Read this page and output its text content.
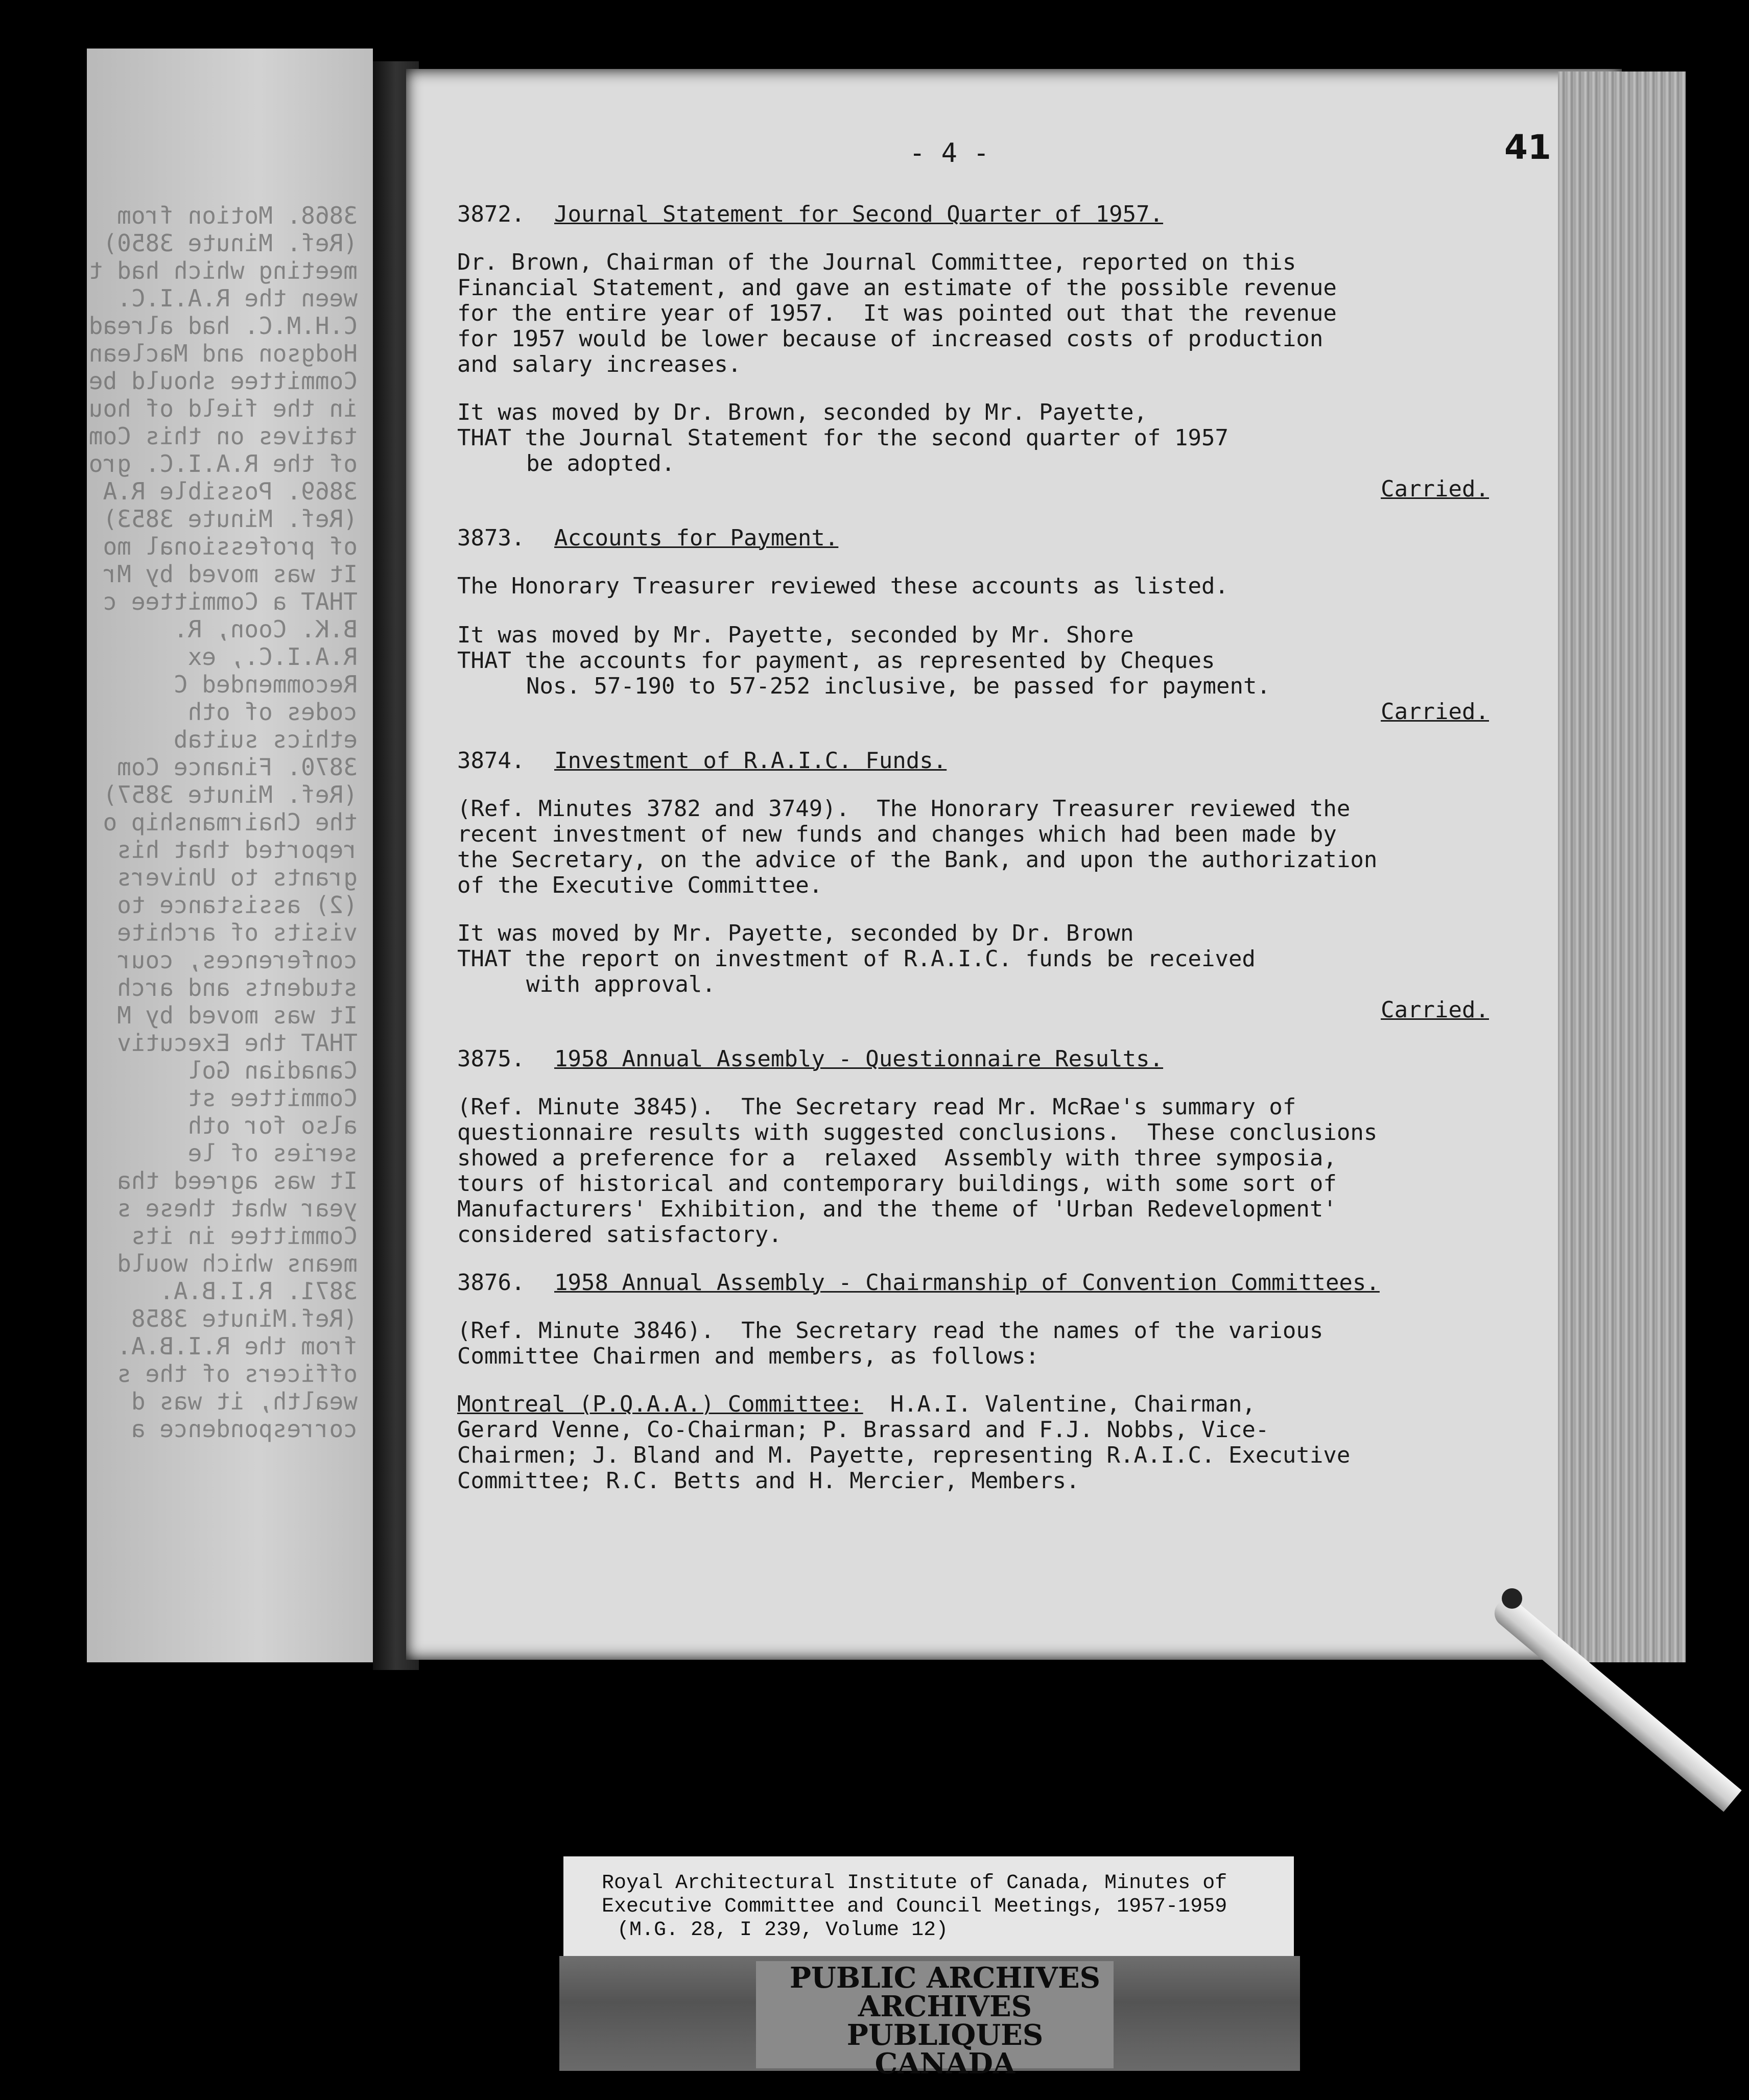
3868. Motion from
(Ref. Minute 3850)
meeting which had t
ween the R.A.I.C.
C.H.M.C. had alread
Hodgson and Maclean
Committee should be
in the field of hou
tatives on this Com
of the R.A.I.C. gro
3869. Possible R.A
(Ref. Minute 3853)
of professional mo
It was moved by Mr
THAT a Committee c
B.K. Coon, R.
R.A.I.C., ex
Recommended C
codes of oth
ethics suitab
3870. Finance Com
(Ref. Minute 3857)
the Chairmanship o
reported that his
grants to Univers
(2) assistance to
visits of archite
conferences, cour
students and arch
It was moved by M
THAT the Executiv
Canadian Gol
Committee st
also for oth
series of le
It was agreed tha
year what these s
Committee in its
means which would
3871. R.I.B.A.
(Ref.Minute 3858
from the R.I.B.A.
officers of the s
wealth, it was d
correspondence a
- 4 -	41
3872. Journal Statement for Second Quarter of 1957.
Dr. Brown, Chairman of the Journal Committee, reported on this
Financial Statement, and gave an estimate of the possible revenue
for the entire year of 1957.  It was pointed out that the revenue
for 1957 would be lower because of increased costs of production
and salary increases.
It was moved by Dr. Brown, seconded by Mr. Payette,
THAT the Journal Statement for the second quarter of 1957
be adopted.
Carried.
3873. Accounts for Payment.
The Honorary Treasurer reviewed these accounts as listed.
It was moved by Mr. Payette, seconded by Mr. Shore
THAT the accounts for payment, as represented by Cheques
Nos. 57-190 to 57-252 inclusive, be passed for payment.
Carried.
3874. Investment of R.A.I.C. Funds.
(Ref. Minutes 3782 and 3749).  The Honorary Treasurer reviewed the
recent investment of new funds and changes which had been made by
the Secretary, on the advice of the Bank, and upon the authorization
of the Executive Committee.
It was moved by Mr. Payette, seconded by Dr. Brown
THAT the report on investment of R.A.I.C. funds be received
with approval.
Carried.
3875. 1958 Annual Assembly - Questionnaire Results.
(Ref. Minute 3845).  The Secretary read Mr. McRae's summary of
questionnaire results with suggested conclusions.  These conclusions
showed a preference for a  relaxed  Assembly with three symposia,
tours of historical and contemporary buildings, with some sort of
Manufacturers' Exhibition, and the theme of 'Urban Redevelopment'
considered satisfactory.
3876. 1958 Annual Assembly - Chairmanship of Convention Committees.
(Ref. Minute 3846).  The Secretary read the names of the various
Committee Chairmen and members, as follows:
Montreal (P.Q.A.A.) Committee:  H.A.I. Valentine, Chairman,
Gerard Venne, Co-Chairman; P. Brassard and F.J. Nobbs, Vice-
Chairmen; J. Bland and M. Payette, representing R.A.I.C. Executive
Committee; R.C. Betts and H. Mercier, Members.
Royal Architectural Institute of Canada, Minutes of
Executive Committee and Council Meetings, 1957-1959
(M.G. 28, I 239, Volume 12)
PUBLIC ARCHIVES
ARCHIVES PUBLIQUES
CANADA
